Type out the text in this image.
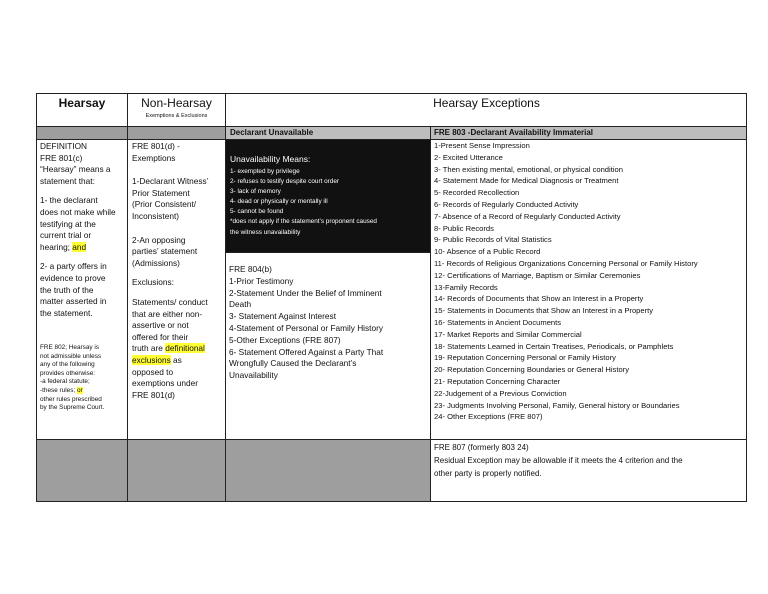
Hearsay	Non-Hearsay
Exemptions & Exclusions
Hearsay Exceptions
Declarant Unavailable	FRE 803 -Declarant Availability Immaterial
DEFINITION
FRE 801(c)
“Hearsay” means a
statement that:
1- the declarant
does not make while
testifying at the
current trial or
hearing; and
2- a party offers in
evidence to prove
the truth of the
matter asserted in
the statement.
FRE 802; Hearsay is
not admissible unless
any of the following
provides otherwise:
-a federal statute;
-these rules; or
other rules prescribed
by the Supreme Court.
FRE 801(d) -
Exemptions
1-Declarant Witness’
Prior Statement
(Prior Consistent/
Inconsistent)
2-An opposing
parties’ statement
(Admissions)
Exclusions:
Statements/ conduct
that are either non-
assertive or not
offered for their
truth are definitional
exclusions as
opposed to
exemptions under
FRE 801(d)
Unavailability Means:
1- exempted by privilege
2- refuses to testify despite court order
3- lack of memory
4- dead or physically or mentally ill
5- cannot be found
*does not apply if the statement’s proponent caused
the witness unavailability
FRE 804(b)
1-Prior Testimony
2-Statement Under the Belief of Imminent
Death
3- Statement Against Interest
4-Statement of Personal or Family History
5-Other Exceptions (FRE 807)
6- Statement Offered Against a Party That
Wrongfully Caused the Declarant’s
Unavailability
1-Present Sense Impression
2- Excited Utterance
3- Then existing mental, emotional, or physical condition
4- Statement Made for Medical Diagnosis or Treatment
5- Recorded Recollection
6- Records of Regularly Conducted Activity
7- Absence of a Record of Regularly Conducted Activity
8- Public Records
9- Public Records of Vital Statistics
10- Absence of a Public Record
11- Records of Religious Organizations Concerning Personal or Family History
12- Certifications of Marriage, Baptism or Similar Ceremonies
13-Family Records
14- Records of Documents that Show an Interest in a Property
15- Statements in Documents that Show an Interest in a Property
16- Statements in Ancient Documents
17- Market Reports and Similar Commercial
18- Statements Learned in Certain Treatises, Periodicals, or Pamphlets
19- Reputation Concerning Personal or Family History
20- Reputation Concerning Boundaries or General History
21- Reputation Concerning Character
22-Judgement of a Previous Conviction
23- Judgments Involving Personal, Family, General history or Boundaries
24- Other Exceptions (FRE 807)
FRE 807 (formerly 803 24)
Residual Exception may be allowable if it meets the 4 criterion and the
other party is properly notified.
